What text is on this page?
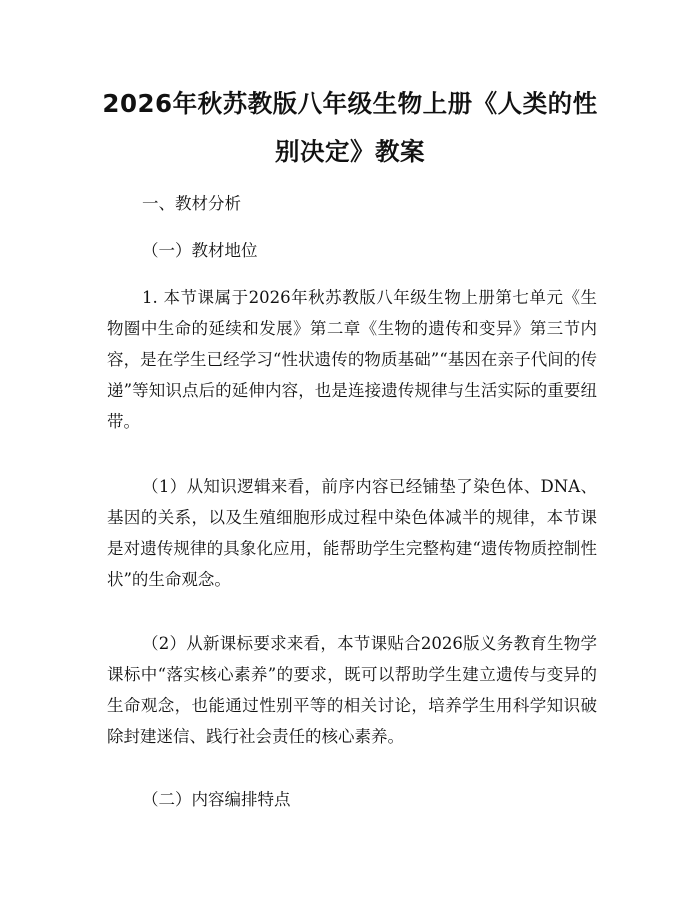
2026年秋苏教版八年级生物上册《人类的性别决定》教案
一、教材分析
（一）教材地位
1. 本节课属于2026年秋苏教版八年级生物上册第七单元《生物圈中生命的延续和发展》第二章《生物的遗传和变异》第三节内容，是在学生已经学习“性状遗传的物质基础”“基因在亲子代间的传递”等知识点后的延伸内容，也是连接遗传规律与生活实际的重要纽带。
（1）从知识逻辑来看，前序内容已经铺垫了染色体、DNA、基因的关系，以及生殖细胞形成过程中染色体减半的规律，本节课是对遗传规律的具象化应用，能帮助学生完整构建“遗传物质控制性状”的生命观念。
（2）从新课标要求来看，本节课贴合2026版义务教育生物学课标中“落实核心素养”的要求，既可以帮助学生建立遗传与变异的生命观念，也能通过性别平等的相关讨论，培养学生用科学知识破除封建迷信、践行社会责任的核心素养。
（二）内容编排特点
